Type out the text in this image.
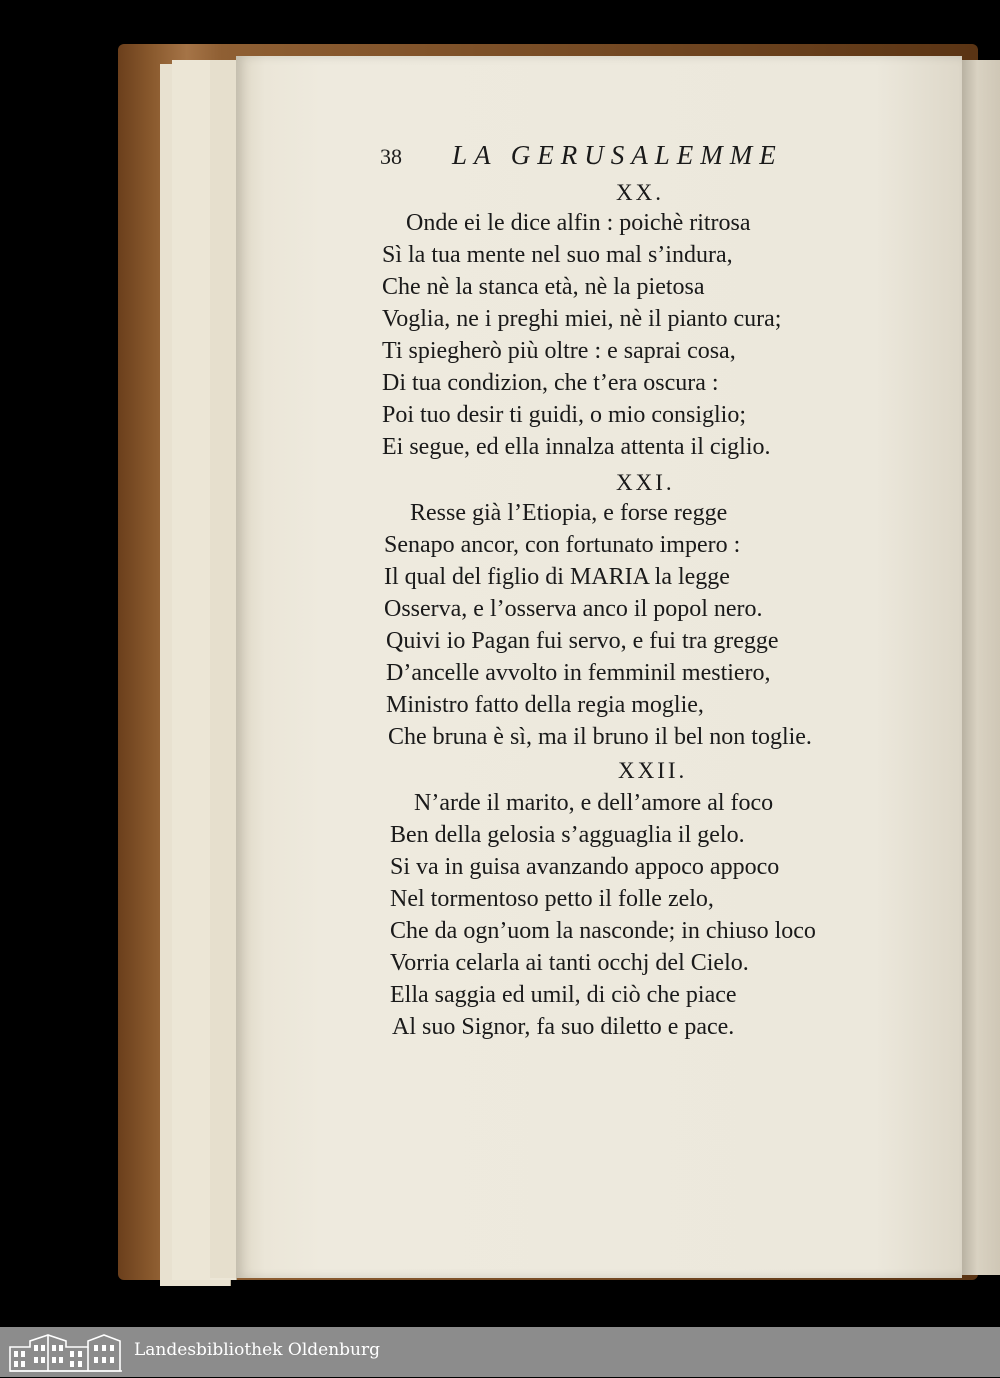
38 LA GERUSALEMME
XX.
Onde ei le dice alfin : poichè ritrosa
Sì la tua mente nel suo mal s’indura,
Che nè la stanca età, nè la pietosa
Voglia, ne i preghi miei, nè il pianto cura;
Ti spiegherò più oltre : e saprai cosa,
Di tua condizion, che t’era oscura :
Poi tuo desir ti guidi, o mio consiglio;
Ei segue, ed ella innalza attenta il ciglio.
XXI.
Resse già l’Etiopia, e forse regge
Senapo ancor, con fortunato impero :
Il qual del figlio di MARIA la legge
Osserva, e l’osserva anco il popol nero.
Quivi io Pagan fui servo, e fui tra gregge
D’ancelle avvolto in femminil mestiero,
Ministro fatto della regia moglie,
Che bruna è sì, ma il bruno il bel non toglie.
XXII.
N’arde il marito, e dell’amore al foco
Ben della gelosia s’agguaglia il gelo.
Si va in guisa avanzando appoco appoco
Nel tormentoso petto il folle zelo,
Che da ogn’uom la nasconde; in chiuso loco
Vorria celarla ai tanti occhj del Cielo.
Ella saggia ed umil, di ciò che piace
Al suo Signor, fa suo diletto e pace.
Landesbibliothek Oldenburg
